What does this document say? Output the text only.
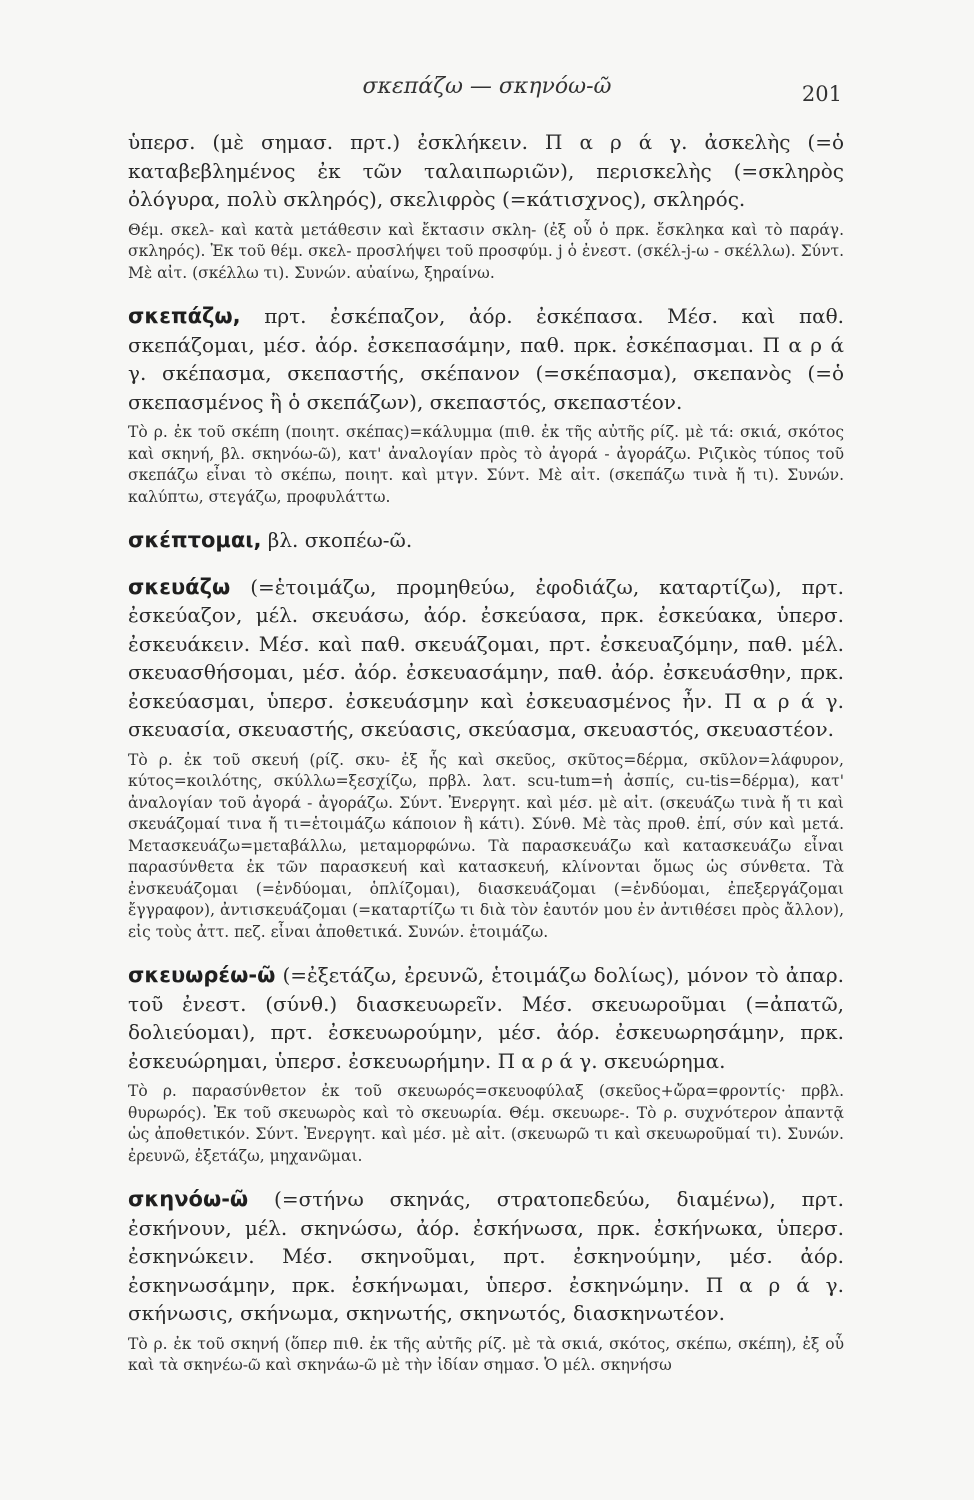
σκεπάζω — σκηνόω-ῶ	201

ὑπερσ. (μὲ σημασ. πρτ.) ἐσκλήκειν. Π α ρ ά γ. ἀσκελὴς (=ὁ καταβεβλημένος ἐκ τῶν ταλαιπωριῶν), περισκελὴς (=σκληρὸς ὀλόγυρα, πολὺ σκληρός), σκελιφρὸς (=κάτισχνος), σκληρός.

Θέμ. σκελ- καὶ κατὰ μετάθεσιν καὶ ἔκτασιν σκλη- (ἐξ οὗ ὁ πρκ. ἔσκληκα καὶ τὸ παράγ. σκληρός). Ἐκ τοῦ θέμ. σκελ- προσλήψει τοῦ προσφύμ. j ὁ ἐνεστ. (σκέλ-j-ω - σκέλλω). Σύντ. Μὲ αἰτ. (σκέλλω τι). Συνών. αὐαίνω, ξηραίνω.

σκεπάζω, πρτ. ἐσκέπαζον, ἀόρ. ἐσκέπασα. Μέσ. καὶ παθ. σκεπάζομαι, μέσ. ἀόρ. ἐσκεπασάμην, παθ. πρκ. ἐσκέπασμαι. Π α ρ ά γ. σκέπασμα, σκεπαστής, σκέπανον (=σκέπασμα), σκεπανὸς (=ὁ σκεπασμένος ἢ ὁ σκεπάζων), σκεπαστός, σκεπαστέον.

Τὸ ρ. ἐκ τοῦ σκέπη (ποιητ. σκέπας)=κάλυμμα (πιθ. ἐκ τῆς αὐτῆς ρίζ. μὲ τά: σκιά, σκότος καὶ σκηνή, βλ. σκηνόω-ῶ), κατ' ἀναλογίαν πρὸς τὸ ἀγορά - ἀγοράζω. Ριζικὸς τύπος τοῦ σκεπάζω εἶναι τὸ σκέπω, ποιητ. καὶ μτγν. Σύντ. Μὲ αἰτ. (σκεπάζω τινὰ ἤ τι). Συνών. καλύπτω, στεγάζω, προφυλάττω.

σκέπτομαι, βλ. σκοπέω-ῶ.

σκευάζω (=ἑτοιμάζω, προμηθεύω, ἐφοδιάζω, καταρτίζω), πρτ. ἐσκεύαζον, μέλ. σκευάσω, ἀόρ. ἐσκεύασα, πρκ. ἐσκεύακα, ὑπερσ. ἐσκευάκειν. Μέσ. καὶ παθ. σκευάζομαι, πρτ. ἐσκευαζόμην, παθ. μέλ. σκευασθήσομαι, μέσ. ἀόρ. ἐσκευασάμην, παθ. ἀόρ. ἐσκευάσθην, πρκ. ἐσκεύασμαι, ὑπερσ. ἐσκευάσμην καὶ ἐσκευασμένος ἦν. Π α ρ ά γ. σκευασία, σκευαστής, σκεύασις, σκεύασμα, σκευαστός, σκευαστέον.

Τὸ ρ. ἐκ τοῦ σκευή (ρίζ. σκυ- ἐξ ἧς καὶ σκεῦος, σκῦτος=δέρμα, σκῦλον=λάφυρον, κύτος=κοιλότης, σκύλλω=ξεσχίζω, πρβλ. λατ. scu-tum=ἡ ἀσπίς, cu-tis=δέρμα), κατ' ἀναλογίαν τοῦ ἀγορά - ἀγοράζω. Σύντ. Ἐνεργητ. καὶ μέσ. μὲ αἰτ. (σκευάζω τινὰ ἤ τι καὶ σκευάζομαί τινα ἤ τι=ἑτοιμάζω κάποιον ἢ κάτι). Σύνθ. Μὲ τὰς προθ. ἐπί, σύν καὶ μετά. Μετασκευάζω=μεταβάλλω, μεταμορφώνω. Τὰ παρασκευάζω καὶ κατασκευάζω εἶναι παρασύνθετα ἐκ τῶν παρασκευή καὶ κατασκευή, κλίνονται ὅμως ὡς σύνθετα. Τὰ ἐνσκευάζομαι (=ἐνδύομαι, ὁπλίζομαι), διασκευάζομαι (=ἐνδύομαι, ἐπεξεργάζομαι ἔγγραφον), ἀντισκευάζομαι (=καταρτίζω τι διὰ τὸν ἑαυτόν μου ἐν ἀντιθέσει πρὸς ἄλλον), εἰς τοὺς ἀττ. πεζ. εἶναι ἀποθετικά. Συνών. ἑτοιμάζω.

σκευωρέω-ῶ (=ἐξετάζω, ἐρευνῶ, ἑτοιμάζω δολίως), μόνον τὸ ἀπαρ. τοῦ ἐνεστ. (σύνθ.) διασκευωρεῖν. Μέσ. σκευωροῦμαι (=ἀπατῶ, δολιεύομαι), πρτ. ἐσκευωρούμην, μέσ. ἀόρ. ἐσκευωρησάμην, πρκ. ἐσκευώρημαι, ὑπερσ. ἐσκευωρήμην. Π α ρ ά γ. σκευώρημα.

Τὸ ρ. παρασύνθετον ἐκ τοῦ σκευωρός=σκευοφύλαξ (σκεῦος+ὤρα=φροντίς· πρβλ. θυρωρός). Ἐκ τοῦ σκευωρὸς καὶ τὸ σκευωρία. Θέμ. σκευωρε-. Τὸ ρ. συχνότερον ἀπαντᾷ ὡς ἀποθετικόν. Σύντ. Ἐνεργητ. καὶ μέσ. μὲ αἰτ. (σκευωρῶ τι καὶ σκευωροῦμαί τι). Συνών. ἐρευνῶ, ἐξετάζω, μηχανῶμαι.

σκηνόω-ῶ (=στήνω σκηνάς, στρατοπεδεύω, διαμένω), πρτ. ἐσκήνουν, μέλ. σκηνώσω, ἀόρ. ἐσκήνωσα, πρκ. ἐσκήνωκα, ὑπερσ. ἐσκηνώκειν. Μέσ. σκηνοῦμαι, πρτ. ἐσκηνούμην, μέσ. ἀόρ. ἐσκηνωσάμην, πρκ. ἐσκήνωμαι, ὑπερσ. ἐσκηνώμην. Π α ρ ά γ. σκήνωσις, σκήνωμα, σκηνωτής, σκηνωτός, διασκηνωτέον.

Τὸ ρ. ἐκ τοῦ σκηνή (ὅπερ πιθ. ἐκ τῆς αὐτῆς ρίζ. μὲ τὰ σκιά, σκότος, σκέπω, σκέπη), ἐξ οὗ καὶ τὰ σκηνέω-ῶ καὶ σκηνάω-ῶ μὲ τὴν ἰδίαν σημασ. Ὁ μέλ. σκηνήσω
